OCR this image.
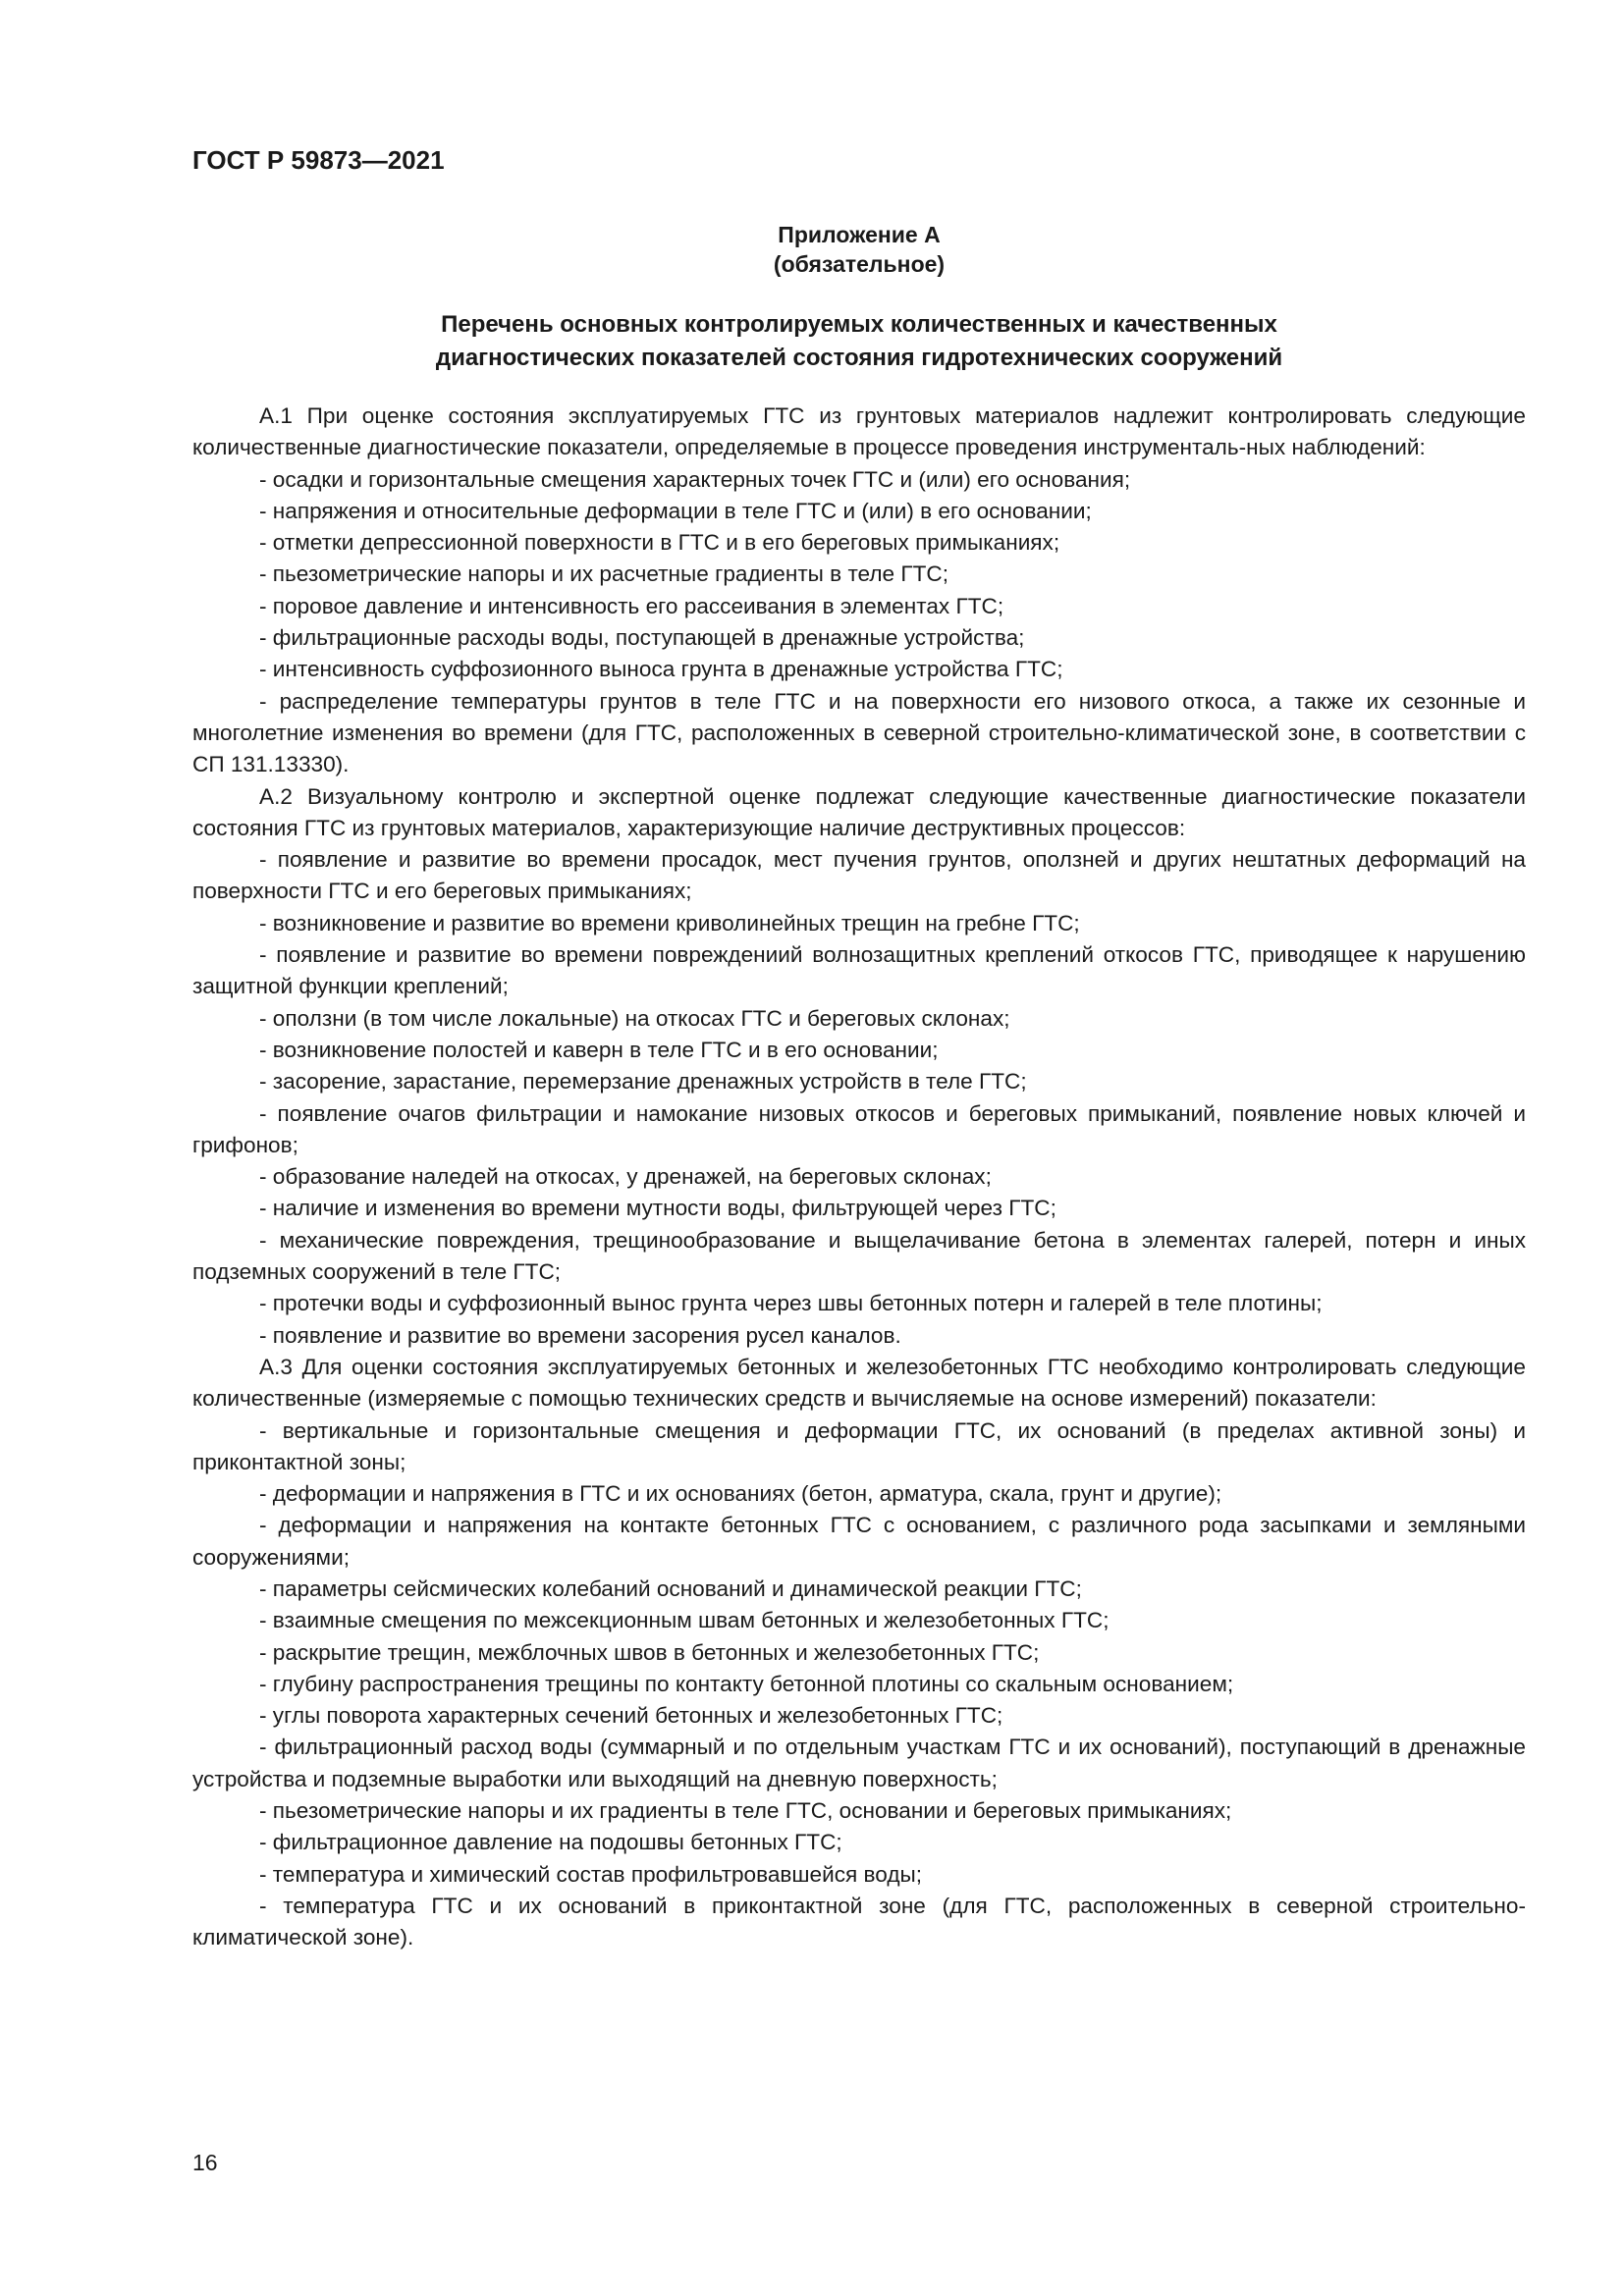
ГОСТ Р 59873—2021
Приложение А
(обязательное)
Перечень основных контролируемых количественных и качественных
диагностических показателей состояния гидротехнических сооружений

А.1 При оценке состояния эксплуатируемых ГТС из грунтовых материалов надлежит контролировать следующие количественные диагностические показатели, определяемые в процессе проведения инструменталь-ных наблюдений:

- осадки и горизонтальные смещения характерных точек ГТС и (или) его основания;

- напряжения и относительные деформации в теле ГТС и (или) в его основании;

- отметки депрессионной поверхности в ГТС и в его береговых примыканиях;

- пьезометрические напоры и их расчетные градиенты в теле ГТС;

- поровое давление и интенсивность его рассеивания в элементах ГТС;

- фильтрационные расходы воды, поступающей в дренажные устройства;

- интенсивность суффозионного выноса грунта в дренажные устройства ГТС;

- распределение температуры грунтов в теле ГТС и на поверхности его низового откоса, а также их сезонные и многолетние изменения во времени (для ГТС, расположенных в северной строительно-климатической зоне, в соответствии с СП 131.13330).

А.2 Визуальному контролю и экспертной оценке подлежат следующие качественные диагностические показатели состояния ГТС из грунтовых материалов, характеризующие наличие деструктивных процессов:

- появление и развитие во времени просадок, мест пучения грунтов, оползней и других нештатных деформаций на поверхности ГТС и его береговых примыканиях;

- возникновение и развитие во времени криволинейных трещин на гребне ГТС;

- появление и развитие во времени повреждениий волнозащитных креплений откосов ГТС, приводящее к нарушению защитной функции креплений;

- оползни (в том числе локальные) на откосах ГТС и береговых склонах;

- возникновение полостей и каверн в теле ГТС и в его основании;

- засорение, зарастание, перемерзание дренажных устройств в теле ГТС;

- появление очагов фильтрации и намокание низовых откосов и береговых примыканий, появление новых ключей и грифонов;

- образование наледей на откосах, у дренажей, на береговых склонах;

- наличие и изменения во времени мутности воды, фильтрующей через ГТС;

- механические повреждения, трещинообразование и выщелачивание бетона в элементах галерей, потерн и иных подземных сооружений в теле ГТС;

- протечки воды и суффозионный вынос грунта через швы бетонных потерн и галерей в теле плотины;

- появление и развитие во времени засорения русел каналов.

А.3 Для оценки состояния эксплуатируемых бетонных и железобетонных ГТС необходимо контролировать следующие количественные (измеряемые с помощью технических средств и вычисляемые на основе измерений) показатели:

- вертикальные и горизонтальные смещения и деформации ГТС, их оснований (в пределах активной зоны) и приконтактной зоны;

- деформации и напряжения в ГТС и их основаниях (бетон, арматура, скала, грунт и другие);

- деформации и напряжения на контакте бетонных ГТС с основанием, с различного рода засыпками и земляными сооружениями;

- параметры сейсмических колебаний оснований и динамической реакции ГТС;

- взаимные смещения по межсекционным швам бетонных и железобетонных ГТС;

- раскрытие трещин, межблочных швов в бетонных и железобетонных ГТС;

- глубину распространения трещины по контакту бетонной плотины со скальным основанием;

- углы поворота характерных сечений бетонных и железобетонных ГТС;

- фильтрационный расход воды (суммарный и по отдельным участкам ГТС и их оснований), поступающий в дренажные устройства и подземные выработки или выходящий на дневную поверхность;

- пьезометрические напоры и их градиенты в теле ГТС, основании и береговых примыканиях;

- фильтрационное давление на подошвы бетонных ГТС;

- температура и химический состав профильтровавшейся воды;

- температура ГТС и их оснований в приконтактной зоне (для ГТС, расположенных в северной строительно-климатической зоне).

16
